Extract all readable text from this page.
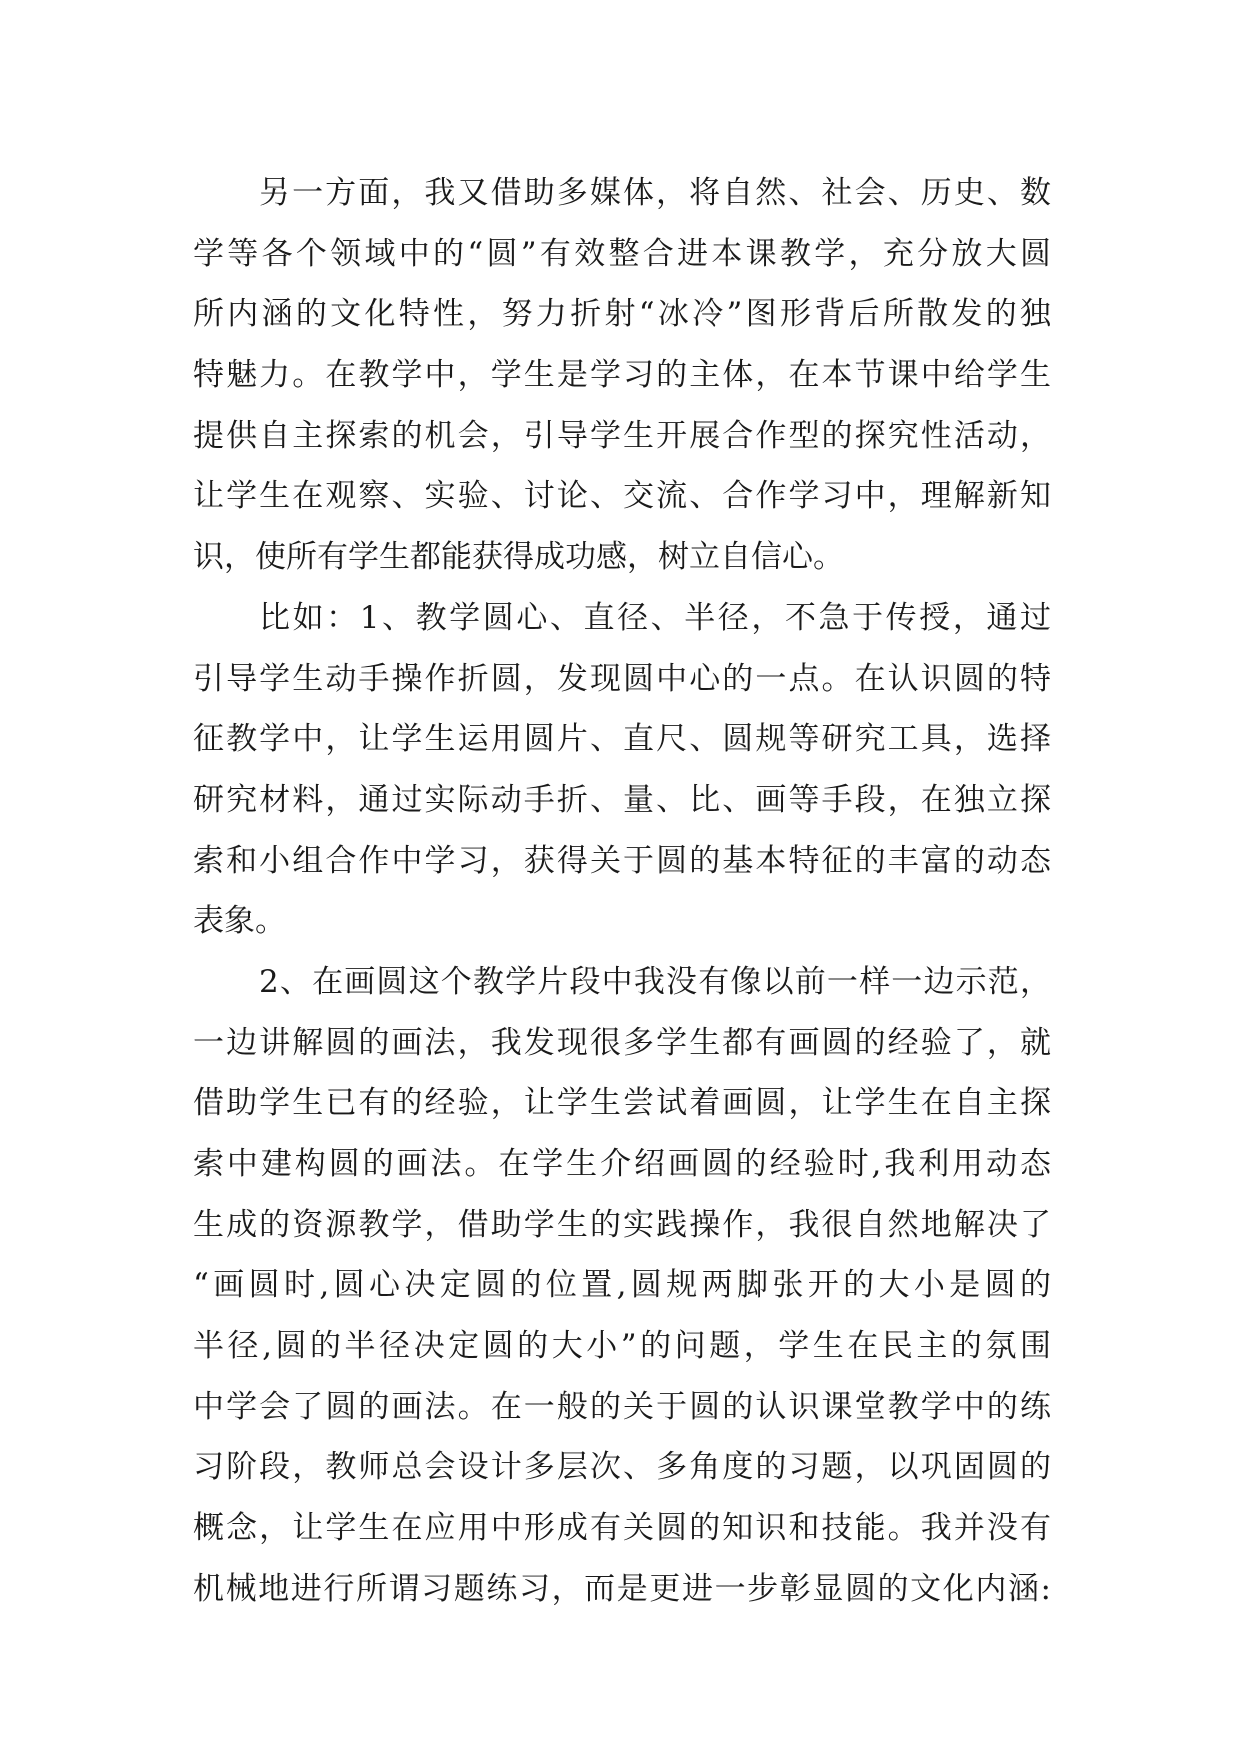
另一方面，我又借助多媒体，将自然、社会、历史、数
学等各个领域中的“圆”有效整合进本课教学，充分放大圆
所内涵的文化特性，努力折射“冰冷”图形背后所散发的独
特魅力。在教学中，学生是学习的主体，在本节课中给学生
提供自主探索的机会，引导学生开展合作型的探究性活动，
让学生在观察、实验、讨论、交流、合作学习中，理解新知
识，使所有学生都能获得成功感，树立自信心。
比如：1、教学圆心、直径、半径，不急于传授，通过
引导学生动手操作折圆，发现圆中心的一点。在认识圆的特
征教学中，让学生运用圆片、直尺、圆规等研究工具，选择
研究材料，通过实际动手折、量、比、画等手段，在独立探
索和小组合作中学习，获得关于圆的基本特征的丰富的动态
表象。
2、在画圆这个教学片段中我没有像以前一样一边示范，
一边讲解圆的画法，我发现很多学生都有画圆的经验了，就
借助学生已有的经验，让学生尝试着画圆，让学生在自主探
索中建构圆的画法。在学生介绍画圆的经验时,我利用动态
生成的资源教学，借助学生的实践操作，我很自然地解决了
“画圆时,圆心决定圆的位置,圆规两脚张开的大小是圆的
半径,圆的半径决定圆的大小”的问题，学生在民主的氛围
中学会了圆的画法。在一般的关于圆的认识课堂教学中的练
习阶段，教师总会设计多层次、多角度的习题，以巩固圆的
概念，让学生在应用中形成有关圆的知识和技能。我并没有
机械地进行所谓习题练习，而是更进一步彰显圆的文化内涵:
